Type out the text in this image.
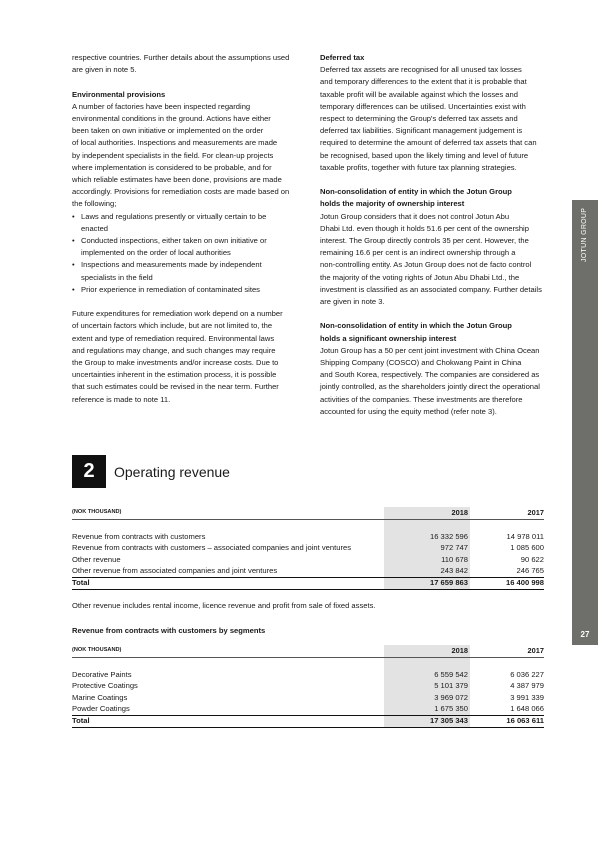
respective countries. Further details about the assumptions used

are given in note 5.

Environmental provisions

A number of factories have been inspected regarding

environmental conditions in the ground. Actions have either

been taken on own initiative or implemented on the order

of local authorities. Inspections and measurements are made

by independent specialists in the field. For clean-up projects

where implementation is considered to be probable, and for

which reliable estimates have been done, provisions are made

accordingly. Provisions for remediation costs are made based on

the following;

• Laws and regulations presently or virtually certain to be
enacted
• Conducted inspections, either taken on own initiative or
implemented on the order of local authorities
• Inspections and measurements made by independent
specialists in the field
• Prior experience in remediation of contaminated sites

Future expenditures for remediation work depend on a number

of uncertain factors which include, but are not limited to, the

extent and type of remediation required. Environmental laws

and regulations may change, and such changes may require

the Group to make investments and/or increase costs. Due to

uncertainties inherent in the estimation process, it is possible

that such estimates could be revised in the near term. Further

reference is made to note 11.

Deferred tax

Deferred tax assets are recognised for all unused tax losses

and temporary differences to the extent that it is probable that

taxable profit will be available against which the losses and

temporary differences can be utilised. Uncertainties exist with

respect to determining the Group's deferred tax assets and

deferred tax liabilities. Significant management judgement is

required to determine the amount of deferred tax assets that can

be recognised, based upon the likely timing and level of future

taxable profits, together with future tax planning strategies.

Non-consolidation of entity in which the Jotun Group
holds the majority of ownership interest

Jotun Group considers that it does not control Jotun Abu

Dhabi Ltd. even though it holds 51.6 per cent of the ownership

interest. The Group directly controls 35 per cent. However, the

remaining 16.6 per cent is an indirect ownership through a

non-controlling entity. As Jotun Group does not de facto control

the majority of the voting rights of Jotun Abu Dhabi Ltd., the

investment is classified as an associated company. Further details

are given in note 3.

Non-consolidation of entity in which the Jotun Group
holds a significant ownership interest

Jotun Group has a 50 per cent joint investment with China Ocean

Shipping Company (COSCO) and Chokwang Paint in China

and South Korea, respectively. The companies are considered as

jointly controlled, as the shareholders jointly direct the operational

activities of the companies. These investments are therefore

accounted for using the equity method (refer note 3).

JOTUN GROUP
27
2	Operating revenue
(NOK THOUSAND)	2018	2017
Revenue from contracts with customers	16 332 596	14 978 011
Revenue from contracts with customers – associated companies and joint ventures	972 747	1 085 600
Other revenue	110 678	90 622
Other revenue from associated companies and joint ventures	243 842	246 765
Total	17 659 863	16 400 998
Other revenue includes rental income, licence revenue and profit from sale of fixed assets.
Revenue from contracts with customers by segments
(NOK THOUSAND)	2018	2017
Decorative Paints	6 559 542	6 036 227
Protective Coatings	5 101 379	4 387 979
Marine Coatings	3 969 072	3 991 339
Powder Coatings	1 675 350	1 648 066
Total	17 305 343	16 063 611
